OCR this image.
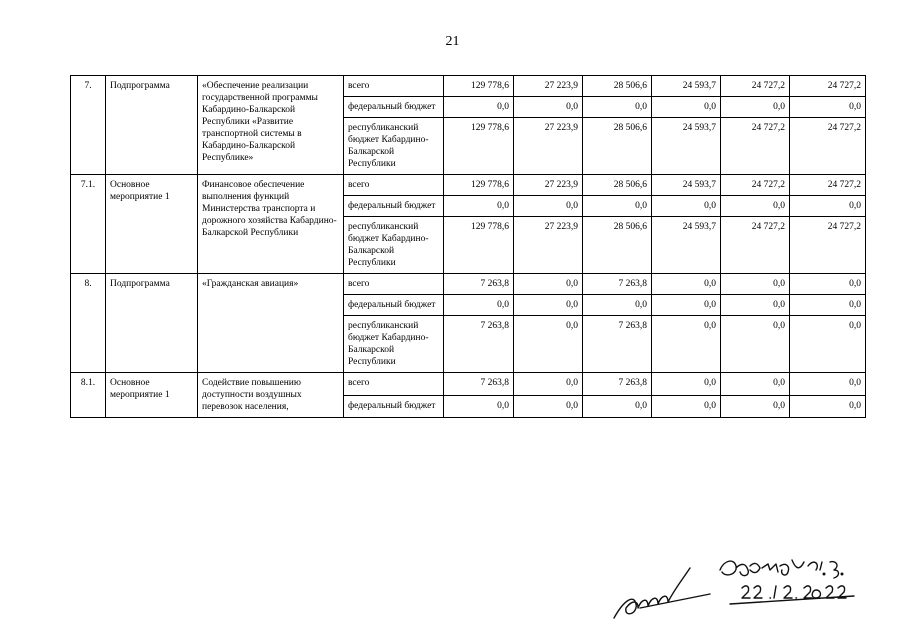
21
7.	Подпрограмма	«Обеспечение реализации государственной программы Кабардино-Балкарской Республики «Развитие транспортной системы в Кабардино-Балкарской Республике»	всего	129 778,6	27 223,9	28 506,6	24 593,7	24 727,2	24 727,2
			федеральный бюджет	0,0	0,0	0,0	0,0	0,0	0,0
			республиканский бюджет Кабардино-Балкарской Республики	129 778,6	27 223,9	28 506,6	24 593,7	24 727,2	24 727,2
7.1.	Основное мероприятие 1	Финансовое обеспечение выполнения функций Министерства транспорта и дорожного хозяйства Кабардино-Балкарской Республики	всего	129 778,6	27 223,9	28 506,6	24 593,7	24 727,2	24 727,2
			федеральный бюджет	0,0	0,0	0,0	0,0	0,0	0,0
			республиканский бюджет Кабардино-Балкарской Республики	129 778,6	27 223,9	28 506,6	24 593,7	24 727,2	24 727,2
8.	Подпрограмма	«Гражданская авиация»	всего	7 263,8	0,0	7 263,8	0,0	0,0	0,0
			федеральный бюджет	0,0	0,0	0,0	0,0	0,0	0,0
			республиканский бюджет Кабардино-Балкарской Республики	7 263,8	0,0	7 263,8	0,0	0,0	0,0
8.1.	Основное мероприятие 1	Содействие повышению доступности воздушных перевозок населения,	всего	7 263,8	0,0	7 263,8	0,0	0,0	0,0
			федеральный бюджет	0,0	0,0	0,0	0,0	0,0	0,0
